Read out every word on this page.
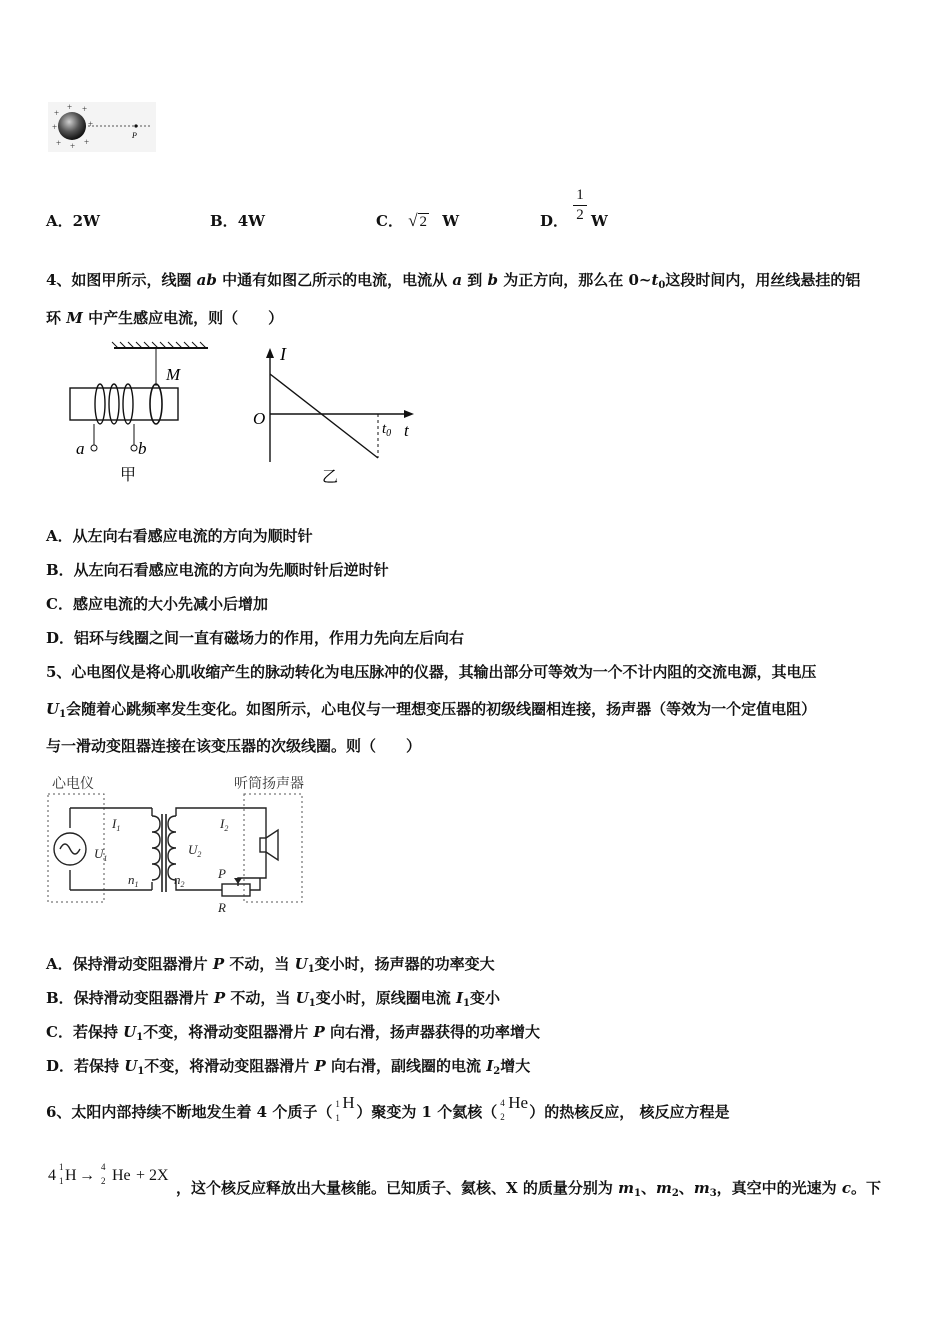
+
+ +
+	+
+ + +
P
A．2W	B．4W	C． √ 2 W	D． $\frac{1}{2}$ W
4、如图甲所示，线圈 ab 中通有如图乙所示的电流，电流从 a 到 b 为正方向，那么在 $0\sim t_0$这段时间内，用丝线悬挂的铝
环 M 中产生感应电流，则（　　）
M
a	b
甲
I
O
$t_0$ t
乙
A．从左向右看感应电流的方向为顺时针
B．从左向石看感应电流的方向为先顺时针后逆时针
C．感应电流的大小先减小后增加
D．铝环与线圈之间一直有磁场力的作用，作用力先向左后向右
5、心电图仪是将心肌收缩产生的脉动转化为电压脉冲的仪器，其输出部分可等效为一个不计内阻的交流电源，其电压
$U_1$会随着心跳频率发生变化。如图所示，心电仪与一理想变压器的初级线圈相连接，扬声器（等效为一个定值电阻）
与一滑动变阻器连接在该变压器的次级线圈。则（　　）
心电仪	听筒扬声器
$I_1$
$U_1$
$n_1$
$U_2$
$n_2$
$I_2$
P
R
A．保持滑动变阻器滑片 P 不动，当 $U_1$变小时，扬声器的功率变大
B．保持滑动变阻器滑片 P 不动，当 $U_1$变小时，原线圈电流 $I_1$变小
C．若保持 $U_1$不变，将滑动变阻器滑片 P 向右滑，扬声器获得的功率增大
D．若保持 $U_1$不变，将滑动变阻器滑片 P 向右滑，副线圈的电流 $I_2$增大
6、太阳内部持续不断地发生着 4 个质子（ 1
1
H ）聚变为 1 个氦核（ 4
2
He ）的热核反应， 核反应方程是
4 1
1 H → 4
2 He + 2X
，这个核反应释放出大量核能。已知质子、氦核、X 的质量分别为 $m_1$、$m_2$、$m_3$，真空中的光速为 c。下
